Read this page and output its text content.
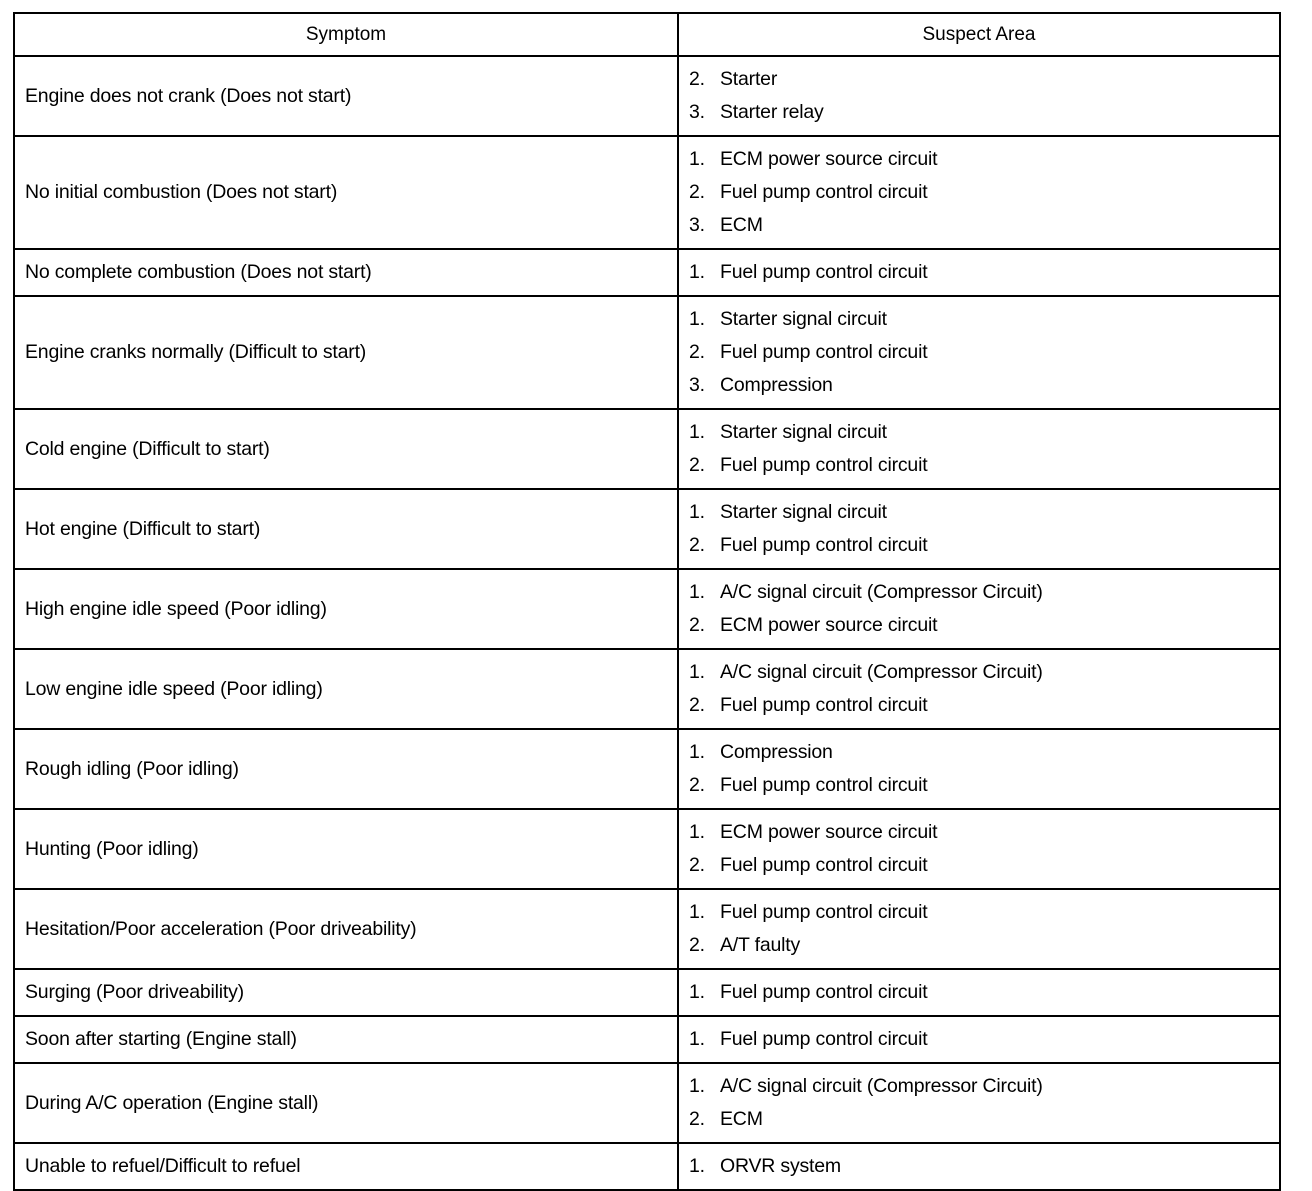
Symptom	Suspect Area
Engine does not crank (Does not start)	2. Starter
3. Starter relay

No initial combustion (Does not start)	1. ECM power source circuit
2. Fuel pump control circuit
3. ECM

No complete combustion (Does not start)	1. Fuel pump control circuit

Engine cranks normally (Difficult to start)	1. Starter signal circuit
2. Fuel pump control circuit
3. Compression

Cold engine (Difficult to start)	1. Starter signal circuit
2. Fuel pump control circuit

Hot engine (Difficult to start)	1. Starter signal circuit
2. Fuel pump control circuit

High engine idle speed (Poor idling)	1. A/C signal circuit (Compressor Circuit)
2. ECM power source circuit

Low engine idle speed (Poor idling)	1. A/C signal circuit (Compressor Circuit)
2. Fuel pump control circuit

Rough idling (Poor idling)	1. Compression
2. Fuel pump control circuit

Hunting (Poor idling)	1. ECM power source circuit
2. Fuel pump control circuit

Hesitation/Poor acceleration (Poor driveability)	1. Fuel pump control circuit
2. A/T faulty

Surging (Poor driveability)	1. Fuel pump control circuit

Soon after starting (Engine stall)	1. Fuel pump control circuit

During A/C operation (Engine stall)	1. A/C signal circuit (Compressor Circuit)
2. ECM

Unable to refuel/Difficult to refuel	1. ORVR system
